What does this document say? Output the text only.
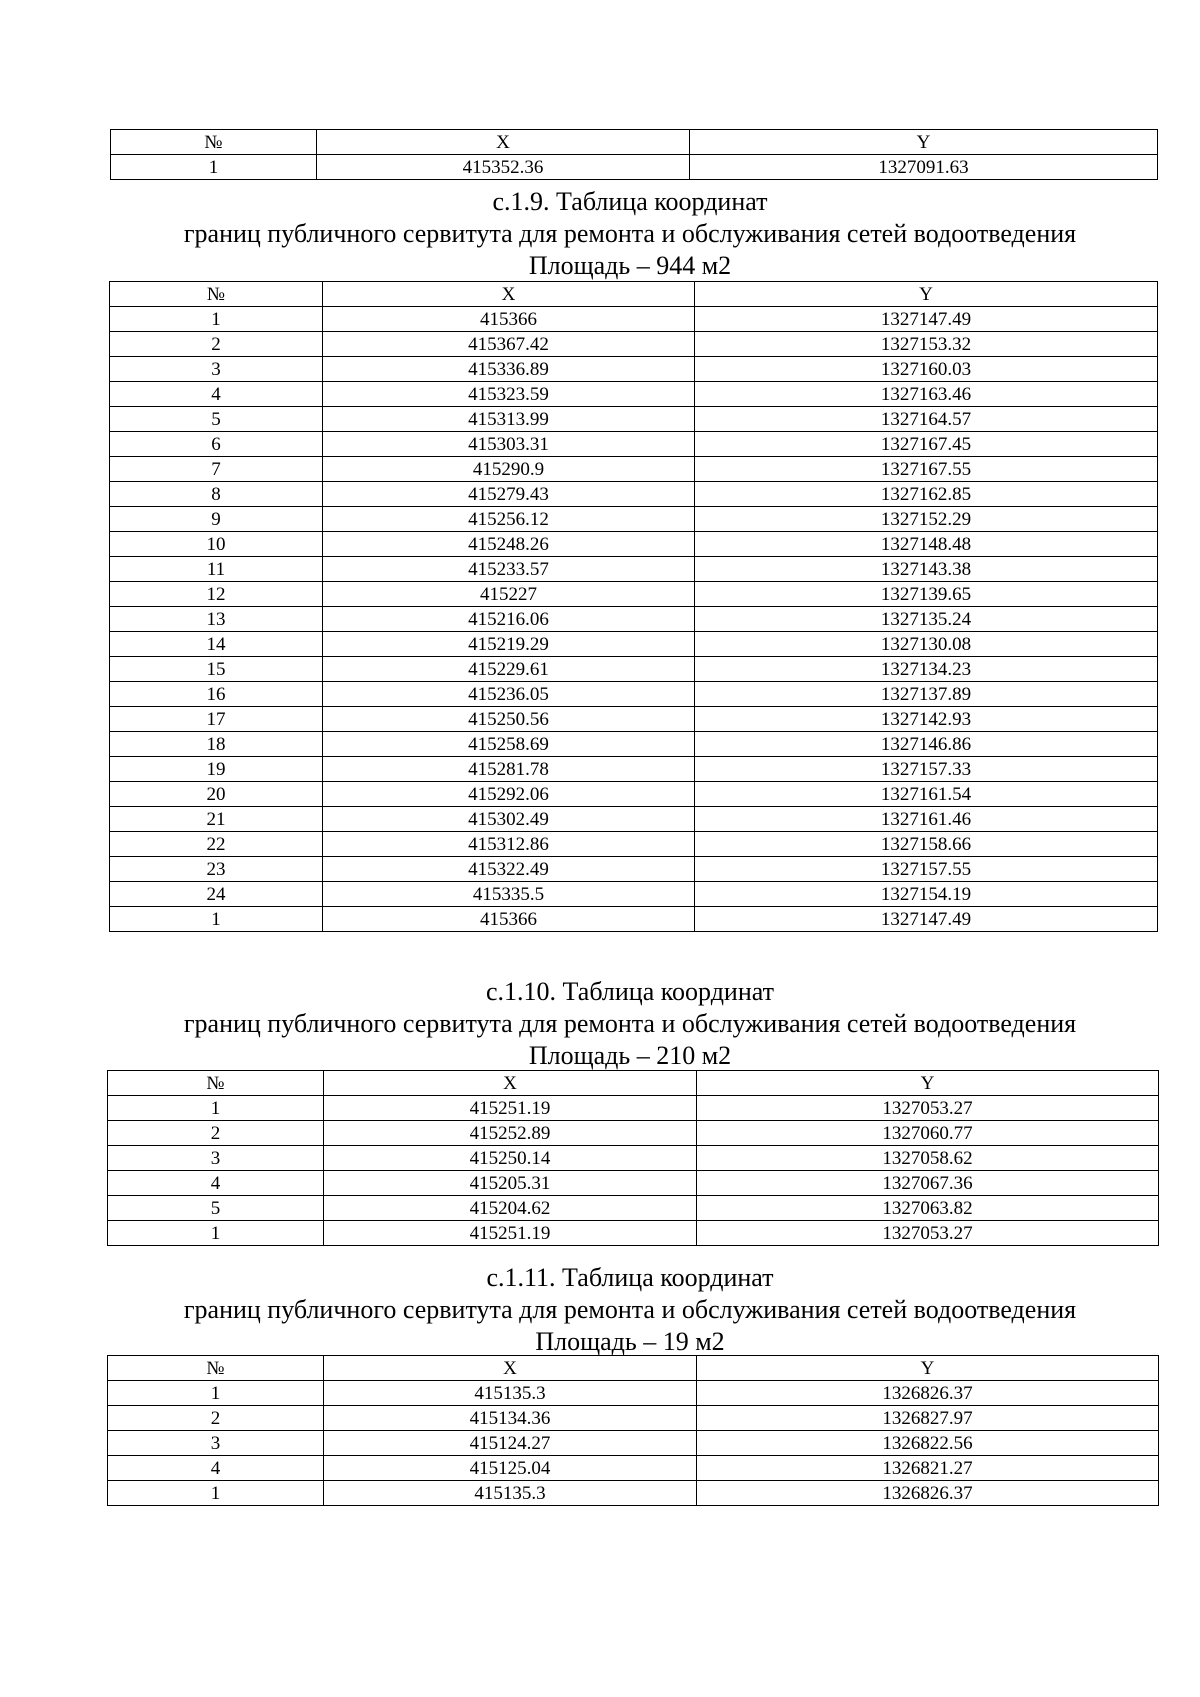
№	X	Y
1	415352.36	1327091.63
с.1.9. Таблица координат
границ публичного сервитута для ремонта и обслуживания сетей водоотведения
Площадь – 944 м2
№	X	Y
1	415366	1327147.49
2	415367.42	1327153.32
3	415336.89	1327160.03
4	415323.59	1327163.46
5	415313.99	1327164.57
6	415303.31	1327167.45
7	415290.9	1327167.55
8	415279.43	1327162.85
9	415256.12	1327152.29
10	415248.26	1327148.48
11	415233.57	1327143.38
12	415227	1327139.65
13	415216.06	1327135.24
14	415219.29	1327130.08
15	415229.61	1327134.23
16	415236.05	1327137.89
17	415250.56	1327142.93
18	415258.69	1327146.86
19	415281.78	1327157.33
20	415292.06	1327161.54
21	415302.49	1327161.46
22	415312.86	1327158.66
23	415322.49	1327157.55
24	415335.5	1327154.19
1	415366	1327147.49
с.1.10. Таблица координат
границ публичного сервитута для ремонта и обслуживания сетей водоотведения
Площадь – 210 м2
№	X	Y
1	415251.19	1327053.27
2	415252.89	1327060.77
3	415250.14	1327058.62
4	415205.31	1327067.36
5	415204.62	1327063.82
1	415251.19	1327053.27
с.1.11. Таблица координат
границ публичного сервитута для ремонта и обслуживания сетей водоотведения
Площадь – 19 м2
№	X	Y
1	415135.3	1326826.37
2	415134.36	1326827.97
3	415124.27	1326822.56
4	415125.04	1326821.27
1	415135.3	1326826.37
